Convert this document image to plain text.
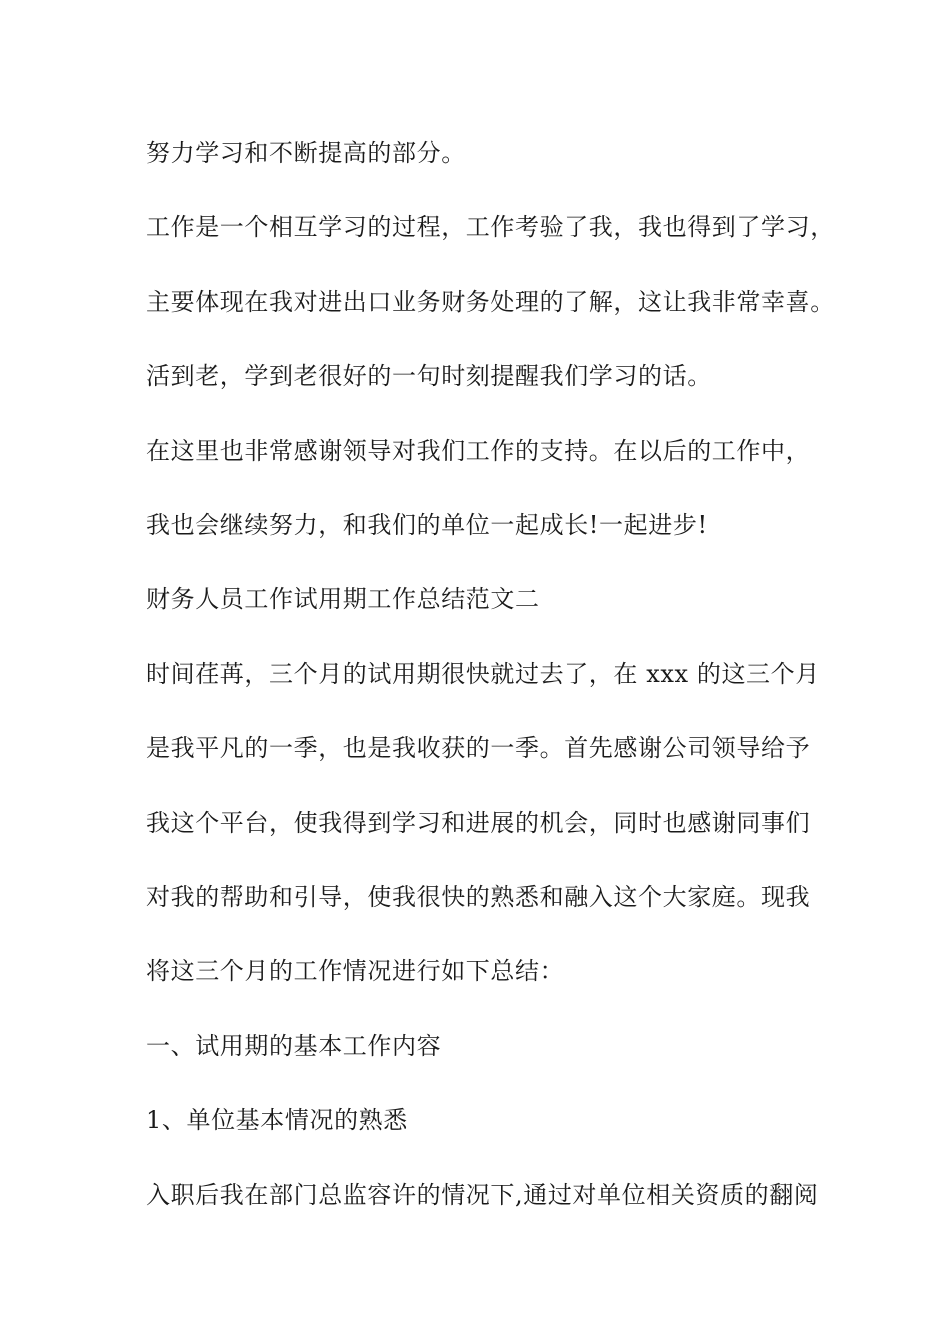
努力学习和不断提高的部分。

工作是一个相互学习的过程，工作考验了我，我也得到了学习，

主要体现在我对进出口业务财务处理的了解，这让我非常幸喜。

活到老，学到老很好的一句时刻提醒我们学习的话。

在这里也非常感谢领导对我们工作的支持。在以后的工作中，

我也会继续努力，和我们的单位一起成长!一起进步!

财务人员工作试用期工作总结范文二

时间荏苒，三个月的试用期很快就过去了，在 xxx 的这三个月

是我平凡的一季，也是我收获的一季。首先感谢公司领导给予

我这个平台，使我得到学习和进展的机会，同时也感谢同事们

对我的帮助和引导，使我很快的熟悉和融入这个大家庭。现我

将这三个月的工作情况进行如下总结：

一、试用期的基本工作内容

1、单位基本情况的熟悉

入职后我在部门总监容许的情况下,通过对单位相关资质的翻阅
